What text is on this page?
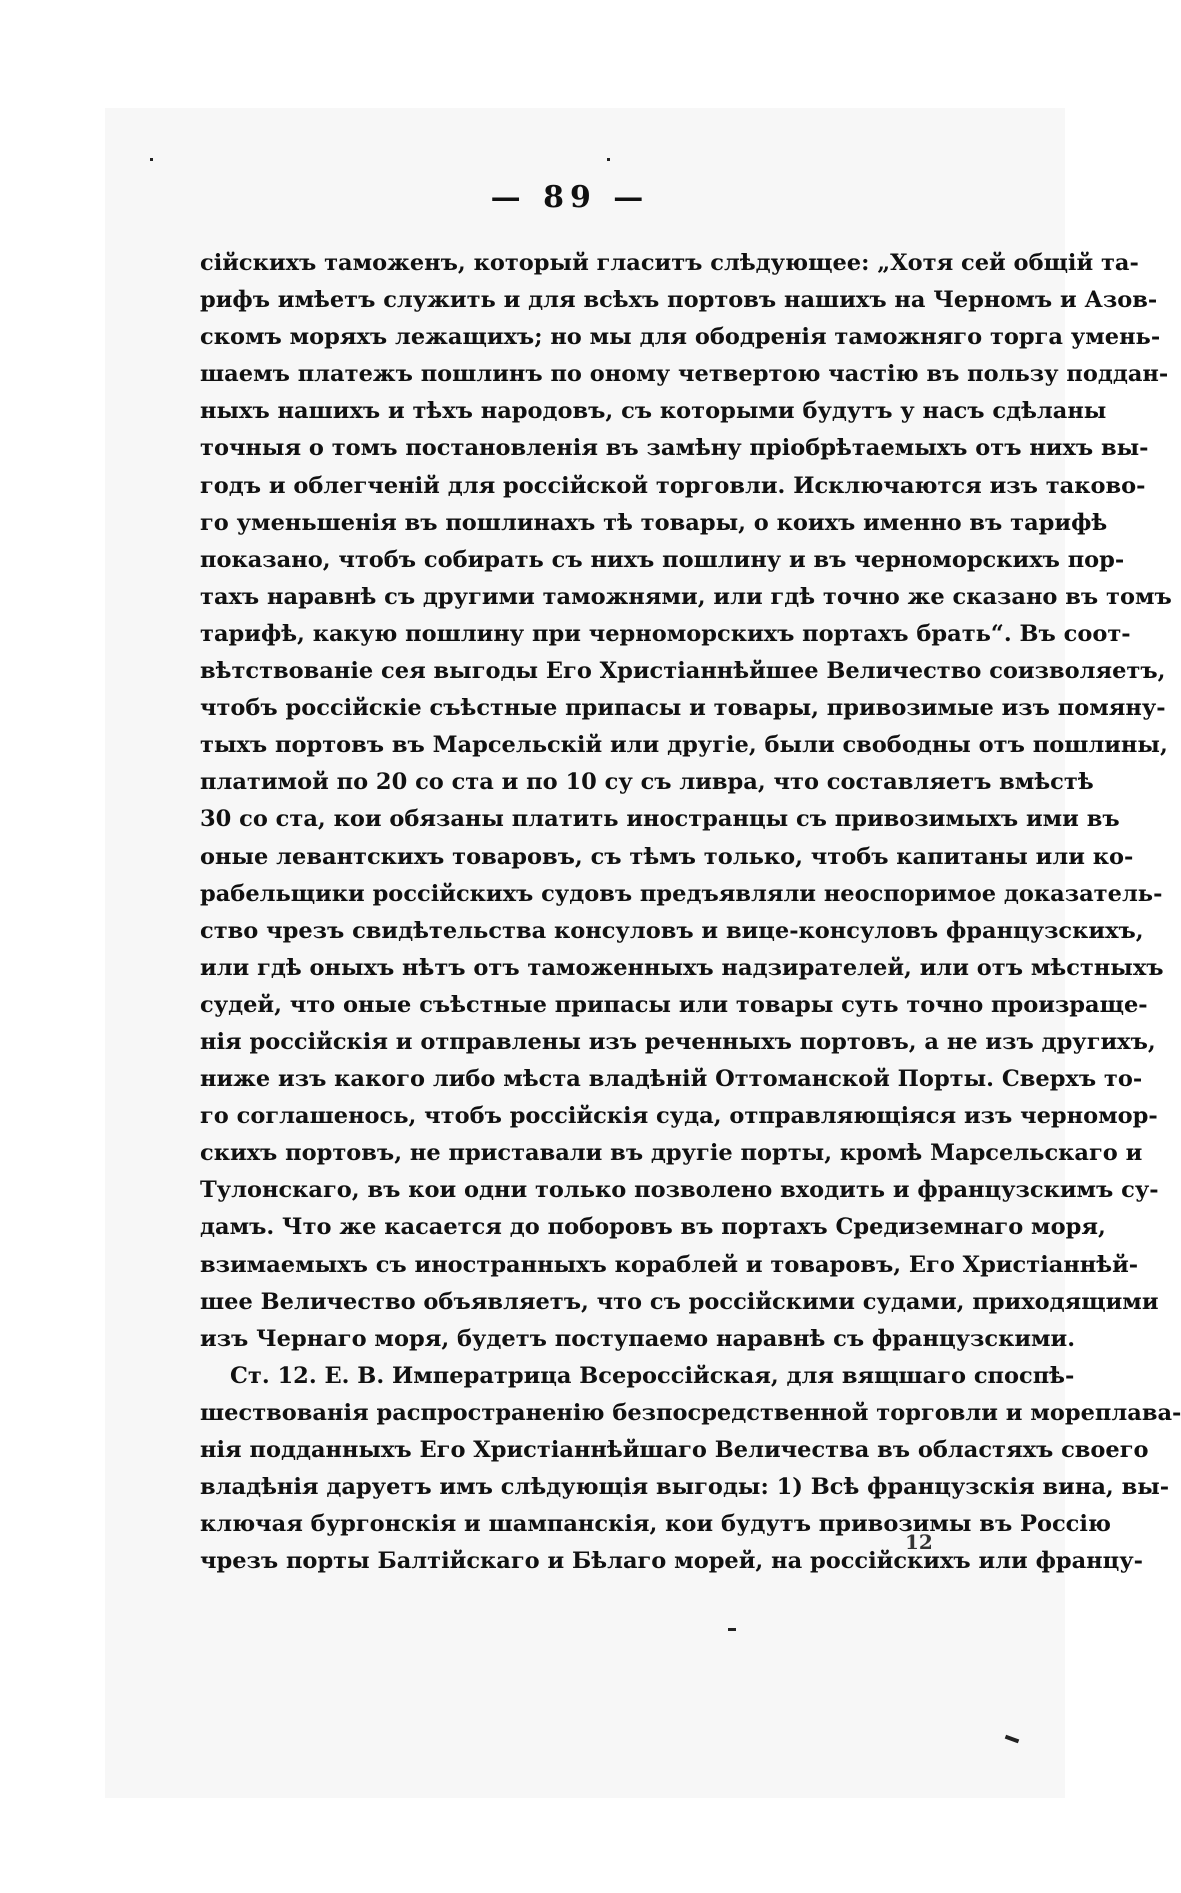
— 89 —
сійскихъ таможенъ, который гласитъ слѣдующее: „Хотя сей общій та-
рифъ имѣетъ служить и для всѣхъ портовъ нашихъ на Черномъ и Азов-
скомъ моряхъ лежащихъ; но мы для ободренія таможняго торга умень-
шаемъ платежъ пошлинъ по оному четвертою частію въ пользу поддан-
ныхъ нашихъ и тѣхъ народовъ, съ которыми будутъ у насъ сдѣланы
точныя о томъ постановленія въ замѣну пріобрѣтаемыхъ отъ нихъ вы-
годъ и облегченій для россійской торговли. Исключаются изъ таково-
го уменьшенія въ пошлинахъ тѣ товары, о коихъ именно въ тарифѣ
показано, чтобъ собирать съ нихъ пошлину и въ черноморскихъ пор-
тахъ наравнѣ съ другими таможнями, или гдѣ точно же сказано въ томъ
тарифѣ, какую пошлину при черноморскихъ портахъ брать“. Въ соот-
вѣтствованіе сея выгоды Его Христіаннѣйшее Величество соизволяетъ,
чтобъ россійскіе съѣстные припасы и товары, привозимые изъ помяну-
тыхъ портовъ въ Марсельскій или другіе, были свободны отъ пошлины,
платимой по 20 со ста и по 10 су съ ливра, что составляетъ вмѣстѣ
30 со ста, кои обязаны платить иностранцы съ привозимыхъ ими въ
оные левантскихъ товаровъ, съ тѣмъ только, чтобъ капитаны или ко-
рабельщики россійскихъ судовъ предъявляли неоспоримое доказатель-
ство чрезъ свидѣтельства консуловъ и вице-консуловъ французскихъ,
или гдѣ оныхъ нѣтъ отъ таможенныхъ надзирателей, или отъ мѣстныхъ
судей, что оные съѣстные припасы или товары суть точно произраще-
нія россійскія и отправлены изъ реченныхъ портовъ, а не изъ другихъ,
ниже изъ какого либо мѣста владѣній Оттоманской Порты. Сверхъ то-
го соглашенось, чтобъ россійскія суда, отправляющіяся изъ черномор-
скихъ портовъ, не приставали въ другіе порты, кромѣ Марсельскаго и
Тулонскаго, въ кои одни только позволено входить и французскимъ су-
дамъ. Что же касается до поборовъ въ портахъ Средиземнаго моря,
взимаемыхъ съ иностранныхъ кораблей и товаровъ, Его Христіаннѣй-
шее Величество объявляетъ, что съ россійскими судами, приходящими
изъ Чернаго моря, будетъ поступаемо наравнѣ съ французскими.
Ст. 12. Е. В. Императрица Всероссійская, для вящшаго споспѣ-
шествованія распространенію безпосредственной торговли и мореплава-
нія подданныхъ Его Христіаннѣйшаго Величества въ областяхъ своего
владѣнія даруетъ имъ слѣдующія выгоды: 1) Всѣ французскія вина, вы-
ключая бургонскія и шампанскія, кои будутъ привозимы въ Россію
чрезъ порты Балтійскаго и Бѣлаго морей, на россійскихъ или францу-
12
